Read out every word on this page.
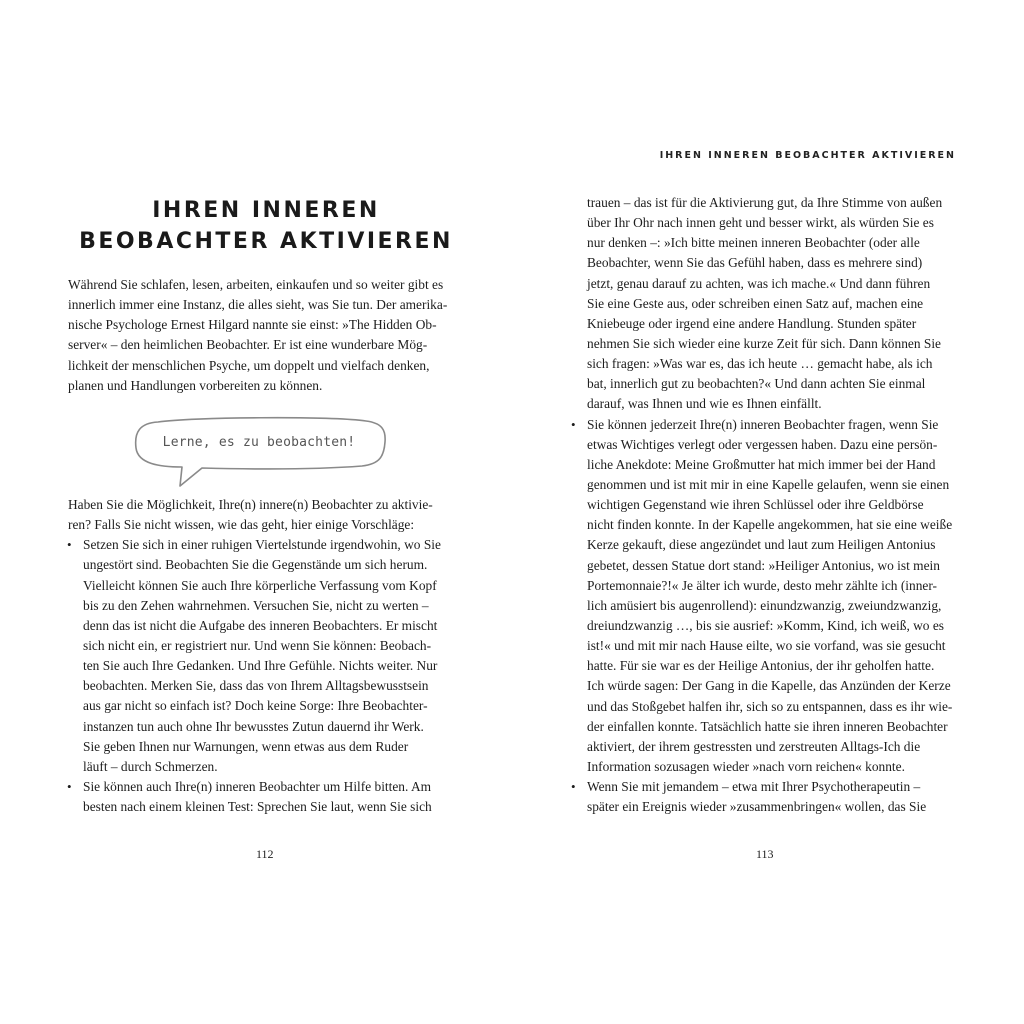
IHREN INNEREN
BEOBACHTER AKTIVIEREN
Während Sie schlafen, lesen, arbeiten, einkaufen und so weiter gibt es
innerlich immer eine Instanz, die alles sieht, was Sie tun. Der amerika-
nische Psychologe Ernest Hilgard nannte sie einst: »The Hidden Ob-
server« – den heimlichen Beobachter. Er ist eine wunderbare Mög-
lichkeit der menschlichen Psyche, um doppelt und vielfach denken,
planen und Handlungen vorbereiten zu können.
Lerne, es zu beobachten!
Haben Sie die Möglichkeit, Ihre(n) innere(n) Beobachter zu aktivie-
ren? Falls Sie nicht wissen, wie das geht, hier einige Vorschläge:
• Setzen Sie sich in einer ruhigen Viertelstunde irgendwohin, wo Sie
ungestört sind. Beobachten Sie die Gegenstände um sich herum.
Vielleicht können Sie auch Ihre körperliche Verfassung vom Kopf
bis zu den Zehen wahrnehmen. Versuchen Sie, nicht zu werten –
denn das ist nicht die Aufgabe des inneren Beobachters. Er mischt
sich nicht ein, er registriert nur. Und wenn Sie können: Beobach-
ten Sie auch Ihre Gedanken. Und Ihre Gefühle. Nichts weiter. Nur
beobachten. Merken Sie, dass das von Ihrem Alltagsbewusstsein
aus gar nicht so einfach ist? Doch keine Sorge: Ihre Beobachter-
instanzen tun auch ohne Ihr bewusstes Zutun dauernd ihr Werk.
Sie geben Ihnen nur Warnungen, wenn etwas aus dem Ruder
läuft – durch Schmerzen.
• Sie können auch Ihre(n) inneren Beobachter um Hilfe bitten. Am
besten nach einem kleinen Test: Sprechen Sie laut, wenn Sie sich
112
IHREN INNEREN BEOBACHTER AKTIVIEREN
trauen – das ist für die Aktivierung gut, da Ihre Stimme von außen
über Ihr Ohr nach innen geht und besser wirkt, als würden Sie es
nur denken –: »Ich bitte meinen inneren Beobachter (oder alle
Beobachter, wenn Sie das Gefühl haben, dass es mehrere sind)
jetzt, genau darauf zu achten, was ich mache.« Und dann führen
Sie eine Geste aus, oder schreiben einen Satz auf, machen eine
Kniebeuge oder irgend eine andere Handlung. Stunden später
nehmen Sie sich wieder eine kurze Zeit für sich. Dann können Sie
sich fragen: »Was war es, das ich heute … gemacht habe, als ich
bat, innerlich gut zu beobachten?« Und dann achten Sie einmal
darauf, was Ihnen und wie es Ihnen einfällt.
• Sie können jederzeit Ihre(n) inneren Beobachter fragen, wenn Sie
etwas Wichtiges verlegt oder vergessen haben. Dazu eine persön-
liche Anekdote: Meine Großmutter hat mich immer bei der Hand
genommen und ist mit mir in eine Kapelle gelaufen, wenn sie einen
wichtigen Gegenstand wie ihren Schlüssel oder ihre Geldbörse
nicht finden konnte. In der Kapelle angekommen, hat sie eine weiße
Kerze gekauft, diese angezündet und laut zum Heiligen Antonius
gebetet, dessen Statue dort stand: »Heiliger Antonius, wo ist mein
Portemonnaie?!« Je älter ich wurde, desto mehr zählte ich (inner-
lich amüsiert bis augenrollend): einundzwanzig, zweiundzwanzig,
dreiundzwanzig …, bis sie ausrief: »Komm, Kind, ich weiß, wo es
ist!« und mit mir nach Hause eilte, wo sie vorfand, was sie gesucht
hatte. Für sie war es der Heilige Antonius, der ihr geholfen hatte.
Ich würde sagen: Der Gang in die Kapelle, das Anzünden der Kerze
und das Stoßgebet halfen ihr, sich so zu entspannen, dass es ihr wie-
der einfallen konnte. Tatsächlich hatte sie ihren inneren Beobachter
aktiviert, der ihrem gestressten und zerstreuten Alltags-Ich die
Information sozusagen wieder »nach vorn reichen« konnte.
• Wenn Sie mit jemandem – etwa mit Ihrer Psychotherapeutin –
später ein Ereignis wieder »zusammenbringen« wollen, das Sie
113
